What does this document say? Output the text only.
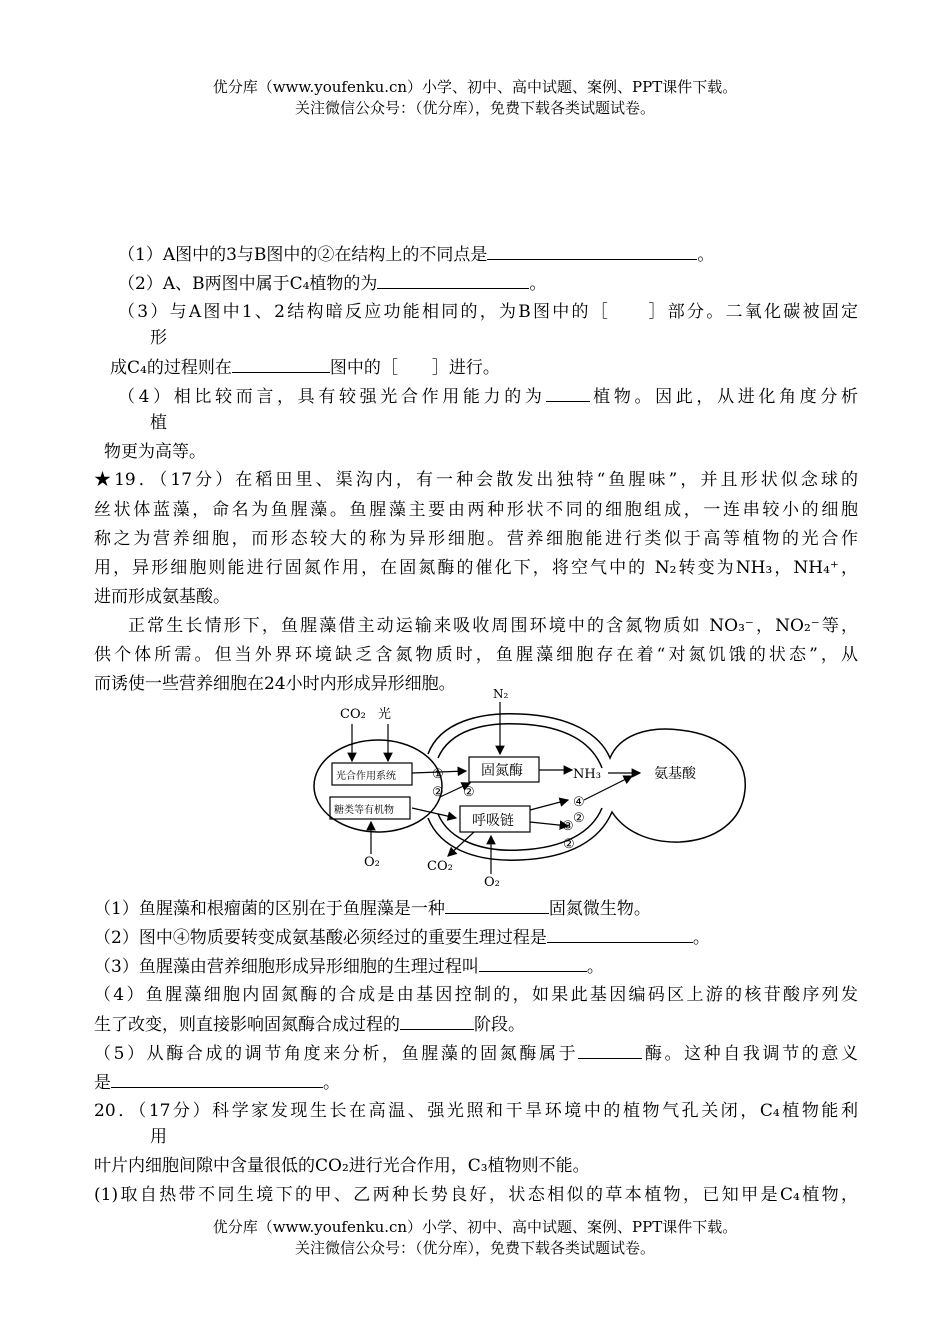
优分库（www.youfenku.cn）小学、初中、高中试题、案例、PPT课件下载。
关注微信公众号：（优分库），免费下载各类试题试卷。
（1）A图中的3与B图中的②在结构上的不同点是	。
（2）A、B两图中属于C₄植物的为	。
（3）与A图中1、2结构暗反应功能相同的，为B图中的［　　］部分。二氧化碳被固定
形
成C₄的过程则在	图中的［　　］进行。
（4）相比较而言，具有较强光合作用能力的为	植物。因此，从进化角度分析
植
物更为高等。
★19．（17分）在稻田里、渠沟内，有一种会散发出独特“鱼腥味”，并且形状似念球的
丝状体蓝藻，命名为鱼腥藻。鱼腥藻主要由两种形状不同的细胞组成，一连串较小的细胞
称之为营养细胞，而形态较大的称为异形细胞。营养细胞能进行类似于高等植物的光合作
用，异形细胞则能进行固氮作用，在固氮酶的催化下，将空气中的 N₂转变为NH₃，NH₄⁺，
进而形成氨基酸。
正常生长情形下，鱼腥藻借主动运输来吸收周围环境中的含氮物质如 NO₃⁻，NO₂⁻等，
供个体所需。但当外界环境缺乏含氮物质时，鱼腥藻细胞存在着“对氮饥饿的状态”，从
而诱使一些营养细胞在24小时内形成异形细胞。
CO₂ 光
N₂
光合作用系统
糖类等有机物
固氮酶	NH₃	氨基酸
呼吸链
O₂	CO₂
O₂
①
② ②
④
③
②
②
（1）鱼腥藻和根瘤菌的区别在于鱼腥藻是一种	固氮微生物。
（2）图中④物质要转变成氨基酸必须经过的重要生理过程是	。
（3）鱼腥藻由营养细胞形成异形细胞的生理过程叫	。
（4）鱼腥藻细胞内固氮酶的合成是由基因控制的，如果此基因编码区上游的核苷酸序列发
生了改变，则直接影响固氮酶合成过程的	阶段。
（5）从酶合成的调节角度来分析，鱼腥藻的固氮酶属于	酶。这种自我调节的意义
是	。
20．（17分）科学家发现生长在高温、强光照和干旱环境中的植物气孔关闭，C₄植物能利
用
叶片内细胞间隙中含量很低的CO₂进行光合作用，C₃植物则不能。
(1)取自热带不同生境下的甲、乙两种长势良好，状态相似的草本植物，已知甲是C₄植物，
优分库（www.youfenku.cn）小学、初中、高中试题、案例、PPT课件下载。
关注微信公众号：（优分库），免费下载各类试题试卷。
